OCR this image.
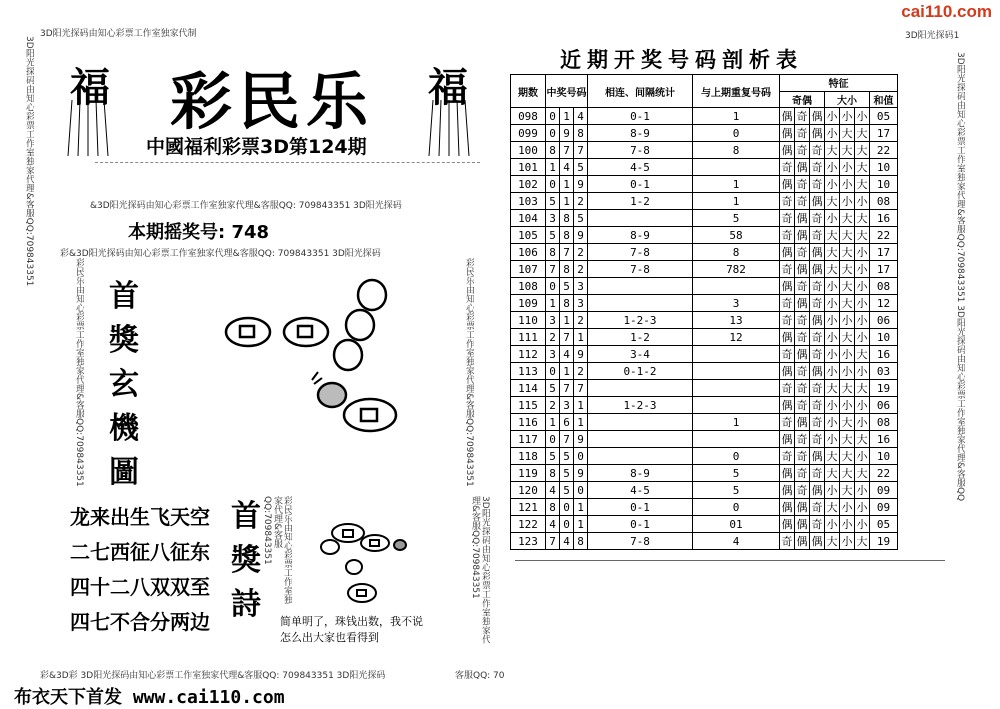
cai110.com
3D阳光探码由知心彩票工作室独家代制
3D阳光探码由知心彩票工作室独家代理&客服QQ:709843351 福 彩民乐 福
中國福利彩票3D第124期
&3D阳光探码由知心彩票工作室独家代理&客服QQ: 709843351 3D阳光探码
本期摇奖号: 748
彩&3D阳光探码由知心彩票工作室独家代理&客服QQ: 709843351 3D阳光探码
彩民乐由知心彩票工作室独家代理&客服QQ:709843351	彩民乐由知心彩票工作室独家代理&客服QQ:709843351
首
獎
玄
機
圖
龙来出生飞天空
二七西征八征东
四十二八双双至
四七不合分两边
首
獎
詩
彩民乐由知心彩票工作室独家代理&客服QQ:709843351	3D阳光探码由知心彩票工作室独家代理&客服QQ:709843351
简单明了，珠钱出数，我不说
怎么出大家也看得到
彩&3D彩 3D阳光探码由知心彩票工作室独家代理&客服QQ: 709843351 3D阳光探码	客服QQ: 70
布衣天下首发 www.cai110.com
3D阳光探码1
近期开奖号码剖析表
期数	中奖号码			相连、间隔统计	与上期重复号码	特征						
						奇偶			大小			和值
098	0	1	4	0-1	1	偶	奇	偶	小	小	小	05
099	0	9	8	8-9	0	偶	奇	偶	小	大	大	17
100	8	7	7	7-8	8	偶	奇	奇	大	大	大	22
101	1	4	5	4-5		奇	偶	奇	小	小	大	10
102	0	1	9	0-1	1	偶	奇	奇	小	小	大	10
103	5	1	2	1-2	1	奇	奇	偶	大	小	小	08
104	3	8	5		5	奇	偶	奇	小	大	大	16
105	5	8	9	8-9	58	奇	偶	奇	大	大	大	22
106	8	7	2	7-8	8	偶	奇	偶	大	大	小	17
107	7	8	2	7-8	782	奇	偶	偶	大	大	小	17
108	0	5	3			偶	奇	奇	小	大	小	08
109	1	8	3		3	奇	偶	奇	小	大	小	12
110	3	1	2	1-2-3	13	奇	奇	偶	小	小	小	06
111	2	7	1	1-2	12	偶	奇	奇	小	大	小	10
112	3	4	9	3-4		奇	偶	奇	小	小	大	16
113	0	1	2	0-1-2		偶	奇	偶	小	小	小	03
114	5	7	7			奇	奇	奇	大	大	大	19
115	2	3	1	1-2-3		偶	奇	奇	小	小	小	06
116	1	6	1		1	奇	偶	奇	小	大	小	08
117	0	7	9			偶	奇	奇	小	大	大	16
118	5	5	0		0	奇	奇	偶	大	大	小	10
119	8	5	9	8-9	5	偶	奇	奇	大	大	大	22
120	4	5	0	4-5	5	偶	奇	偶	小	大	小	09
121	8	0	1	0-1	0	偶	偶	奇	大	小	小	09
122	4	0	1	0-1	01	偶	偶	奇	小	小	小	05
123	7	4	8	7-8	4	奇	偶	偶	大	小	大	19
3D阳光探码由知心彩票工作室独家代理&客服QQ:709843351 3D阳光探码由知心彩票工作室独家代理&客服QQ
